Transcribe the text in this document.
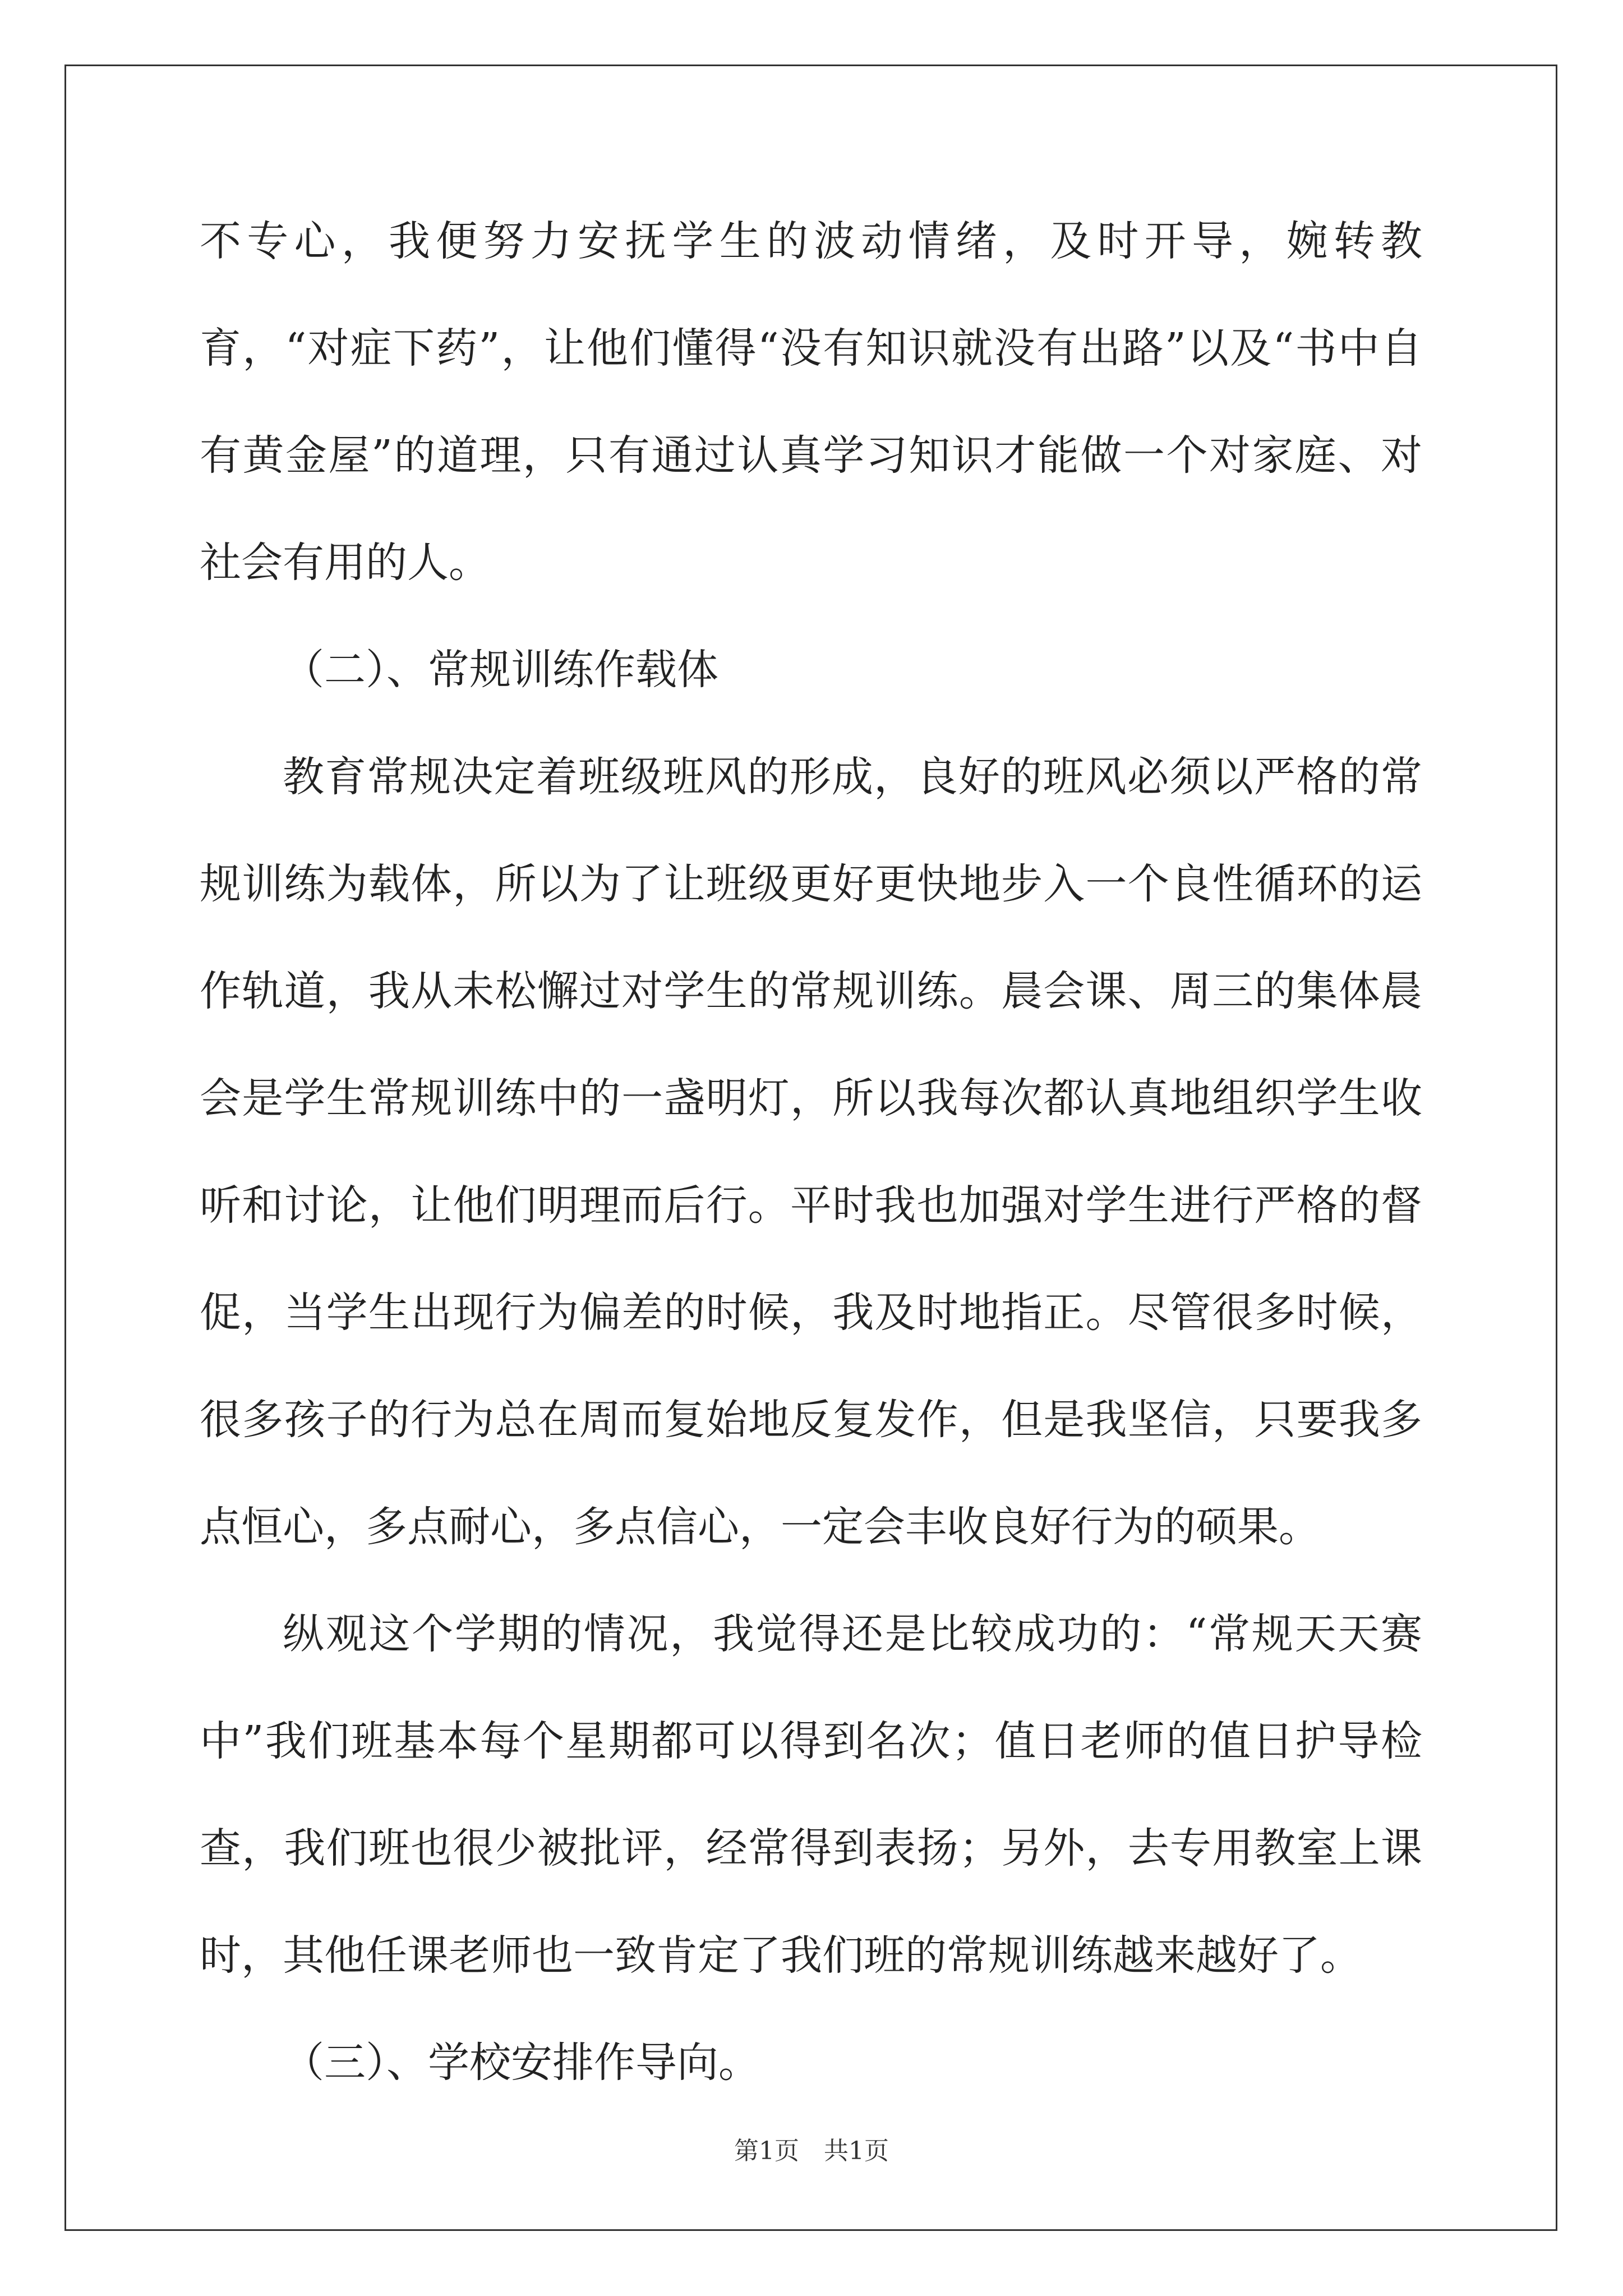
不专心，我便努力安抚学生的波动情绪，及时开导，婉转教育，“对症下药”，让他们懂得“没有知识就没有出路”以及“书中自有黄金屋”的道理，只有通过认真学习知识才能做一个对家庭、对社会有用的人。

（二）、常规训练作载体

教育常规决定着班级班风的形成，良好的班风必须以严格的常规训练为载体，所以为了让班级更好更快地步入一个良性循环的运作轨道，我从未松懈过对学生的常规训练。晨会课、周三的集体晨会是学生常规训练中的一盏明灯，所以我每次都认真地组织学生收听和讨论，让他们明理而后行。平时我也加强对学生进行严格的督促，当学生出现行为偏差的时候，我及时地指正。尽管很多时候，很多孩子的行为总在周而复始地反复发作，但是我坚信，只要我多点恒心，多点耐心，多点信心，一定会丰收良好行为的硕果。

纵观这个学期的情况，我觉得还是比较成功的：“常规天天赛中”我们班基本每个星期都可以得到名次；值日老师的值日护导检查，我们班也很少被批评，经常得到表扬；另外，去专用教室上课时，其他任课老师也一致肯定了我们班的常规训练越来越好了。

（三）、学校安排作导向。

第1页　共1页
